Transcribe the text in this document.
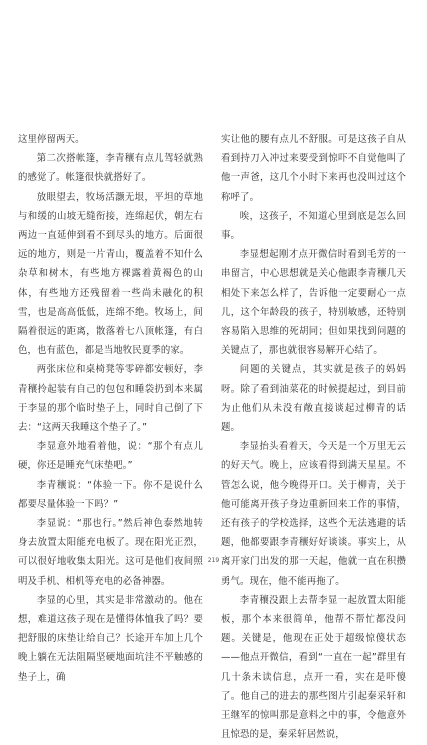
这里停留两天。

第二次搭帐篷，李青穰有点儿驾轻就熟的感觉了。帐篷很快就搭好了。

放眼望去，牧场活灏无垠，平坦的草地与和缓的山坡无缝衔接，连绵起伏，朝左右两边一直延伸到看不到尽头的地方。后面很远的地方，则是一片青山，覆盖着不知什么杂草和树木，有些地方裸露着黄褐色的山体，有些地方还残留着一些尚未融化的积雪，也是高高低低，连绵不绝。牧场上，间隔着很远的距离，散落着七八顶帐篷，有白色，也有蓝色，都是当地牧民夏季的家。

两张床位和桌椅凳等零碎都安顿好，李青穰拎起装有自己的包包和睡袋扔到本来属于李显的那个临时垫子上，同时自己倒了下去：“这两天我睡这个垫子了。”

李显意外地看着他，说：“那个有点儿硬，你还是睡充气床垫吧。”

李青穰说：“体验一下。你不是说什么都要尽量体验一下吗？”

李显说：“那也行。”然后神色泰然地转身去放置太阳能充电板了。现在阳光正烈，可以很好地收集太阳光。这可是他们夜间照明及手机、相机等充电的必备神器。

李显的心里，其实是非常激动的。他在想，难道这孩子现在是懂得体恤我了吗？要把舒服的床垫让给自己？长途开车加上几个晚上躺在无法阻隔坚硬地面坑洼不平触感的垫子上，确

实让他的腰有点儿不舒服。可是这孩子自从看到持刀入冲过来要受到惊吓不自觉他叫了他一声爸，这几个小时下来再也没叫过这个称呼了。

唉，这孩子，不知道心里到底是怎么回事。

李显想起刚才点开微信时看到毛芳的一串留言，中心思想就是关心他跟李青穰几天相处下来怎么样了，告诉他一定要耐心一点儿，这个年龄段的孩子，特别敏感，还特别容易陷入思维的死胡同；但如果找到问题的关键点了，那也就很容易解开心结了。

问题的关键点，其实就是孩子的妈妈呀。除了看到油菜花的时候提起过，到目前为止他们从未没有敞直接谈起过柳青的话题。

李显抬头看着天，今天是一个万里无云的好天气。晚上，应该看得到满天星星。不管怎么说，他今晚得开口。关于柳青，关于他可能离开孩子身边重新回来工作的事情，还有孩子的学校选择，这些个无法逃避的话题，他都要跟李青穰好好谈谈。事实上，从离开家门出发的那一天起，他就一直在积攒勇气。现在，他不能再拖了。

李青穰没跟上去帮李显一起放置太阳能板，那个本来很简单，他帮不帮忙都没问题。关键是，他现在正处于超级惊傻状态——他点开微信，看到“一直在一起”群里有几十条未读信息，点开一看，实在是吓傻了。他自己的进去的那些图片引起秦采轩和王继军的惊叫那是意料之中的事，令他意外且惊恐的是，秦采轩居然说，

219
